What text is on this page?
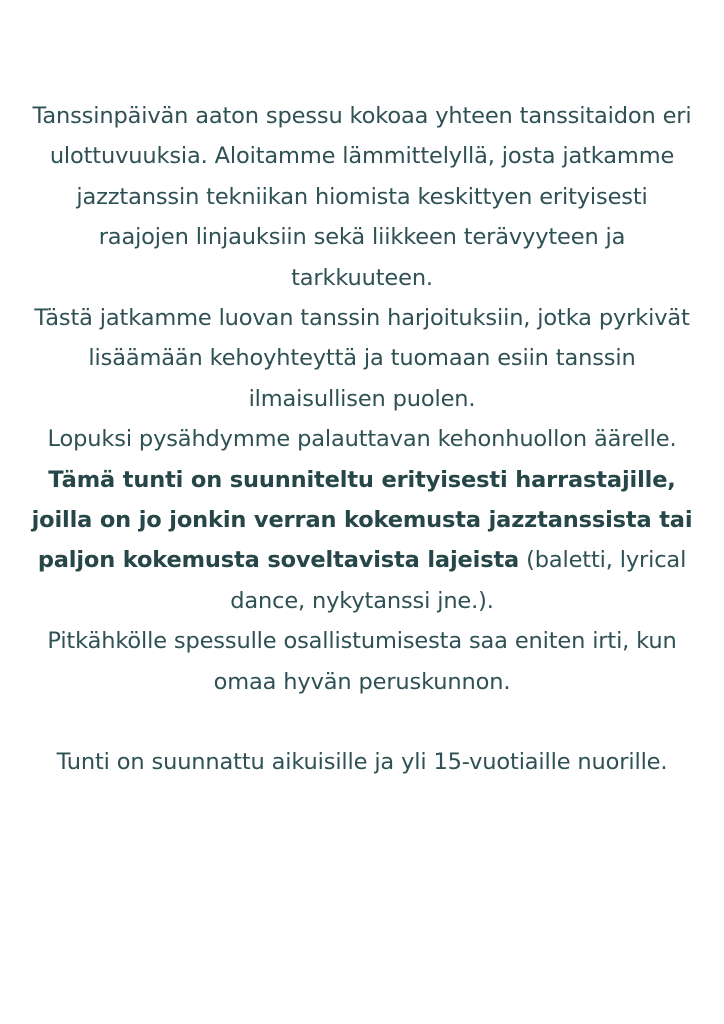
Tanssinpäivän aaton spessu kokoaa yhteen tanssitaidon eri ulottuvuuksia. Aloitamme lämmittelyllä, josta jatkamme jazztanssin tekniikan hiomista keskittyen erityisesti raajojen linjauksiin sekä liikkeen terävyyteen ja tarkkuuteen.

Tästä jatkamme luovan tanssin harjoituksiin, jotka pyrkivät lisäämään kehoyhteyttä ja tuomaan esiin tanssin ilmaisullisen puolen.

Lopuksi pysähdymme palauttavan kehonhuollon äärelle.

Tämä tunti on suunniteltu erityisesti harrastajille, joilla on jo jonkin verran kokemusta jazztanssista tai paljon kokemusta soveltavista lajeista (baletti, lyrical dance, nykytanssi jne.).

Pitkähkölle spessulle osallistumisesta saa eniten irti, kun omaa hyvän peruskunnon.

Tunti on suunnattu aikuisille ja yli 15-vuotiaille nuorille.
